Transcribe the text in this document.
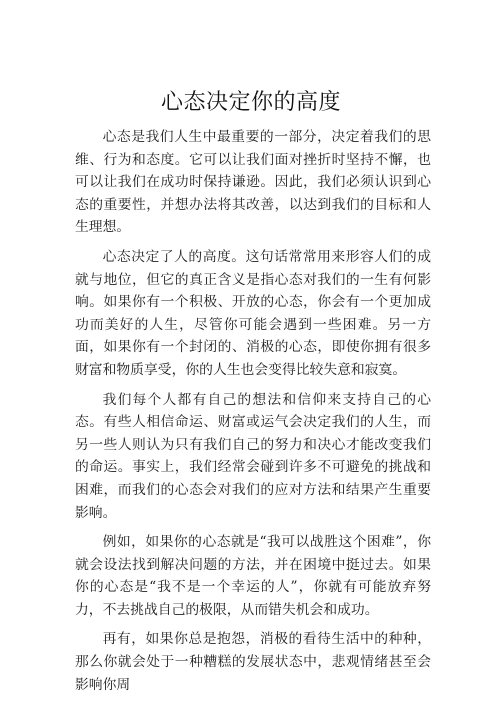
心态决定你的高度

心态是我们人生中最重要的一部分，决定着我们的思维、行为和态度。它可以让我们面对挫折时坚持不懈，也可以让我们在成功时保持谦逊。因此，我们必须认识到心态的重要性，并想办法将其改善，以达到我们的目标和人生理想。

心态决定了人的高度。这句话常常用来形容人们的成就与地位，但它的真正含义是指心态对我们的一生有何影响。如果你有一个积极、开放的心态，你会有一个更加成功而美好的人生，尽管你可能会遇到一些困难。另一方面，如果你有一个封闭的、消极的心态，即使你拥有很多财富和物质享受，你的人生也会变得比较失意和寂寞。

我们每个人都有自己的想法和信仰来支持自己的心态。有些人相信命运、财富或运气会决定我们的人生，而另一些人则认为只有我们自己的努力和决心才能改变我们的命运。事实上，我们经常会碰到许多不可避免的挑战和困难，而我们的心态会对我们的应对方法和结果产生重要影响。

例如，如果你的心态就是“我可以战胜这个困难”，你就会设法找到解决问题的方法，并在困境中挺过去。如果你的心态是“我不是一个幸运的人”，你就有可能放弃努力，不去挑战自己的极限，从而错失机会和成功。

再有，如果你总是抱怨，消极的看待生活中的种种，那么你就会处于一种糟糕的发展状态中，悲观情绪甚至会影响你周
